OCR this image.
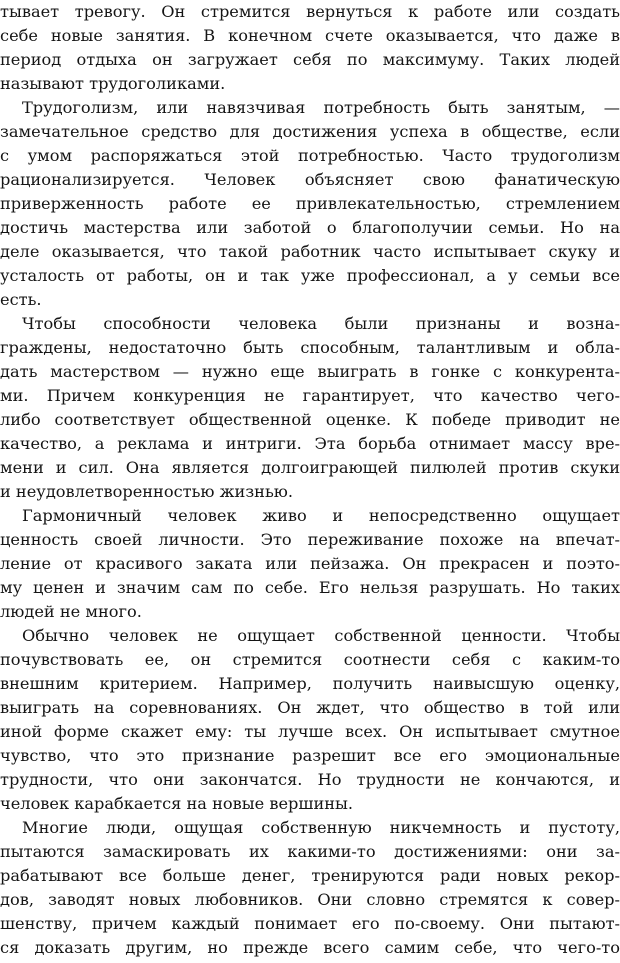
тывает тревогу. Он стремится вернуться к работе или создать
себе новые занятия. В конечном счете оказывается, что даже в
период отдыха он загружает себя по максимуму. Таких людей
называют трудоголиками.
Трудоголизм, или навязчивая потребность быть занятым, —
замечательное средство для достижения успеха в обществе, если
с умом распоряжаться этой потребностью. Часто трудоголизм
рационализируется. Человек объясняет свою фанатическую
приверженность работе ее привлекательностью, стремлением
достичь мастерства или заботой о благополучии семьи. Но на
деле оказывается, что такой работник часто испытывает скуку и
усталость от работы, он и так уже профессионал, а у семьи все
есть.
Чтобы способности человека были признаны и возна-
граждены, недостаточно быть способным, талантливым и обла-
дать мастерством — нужно еще выиграть в гонке с конкурента-
ми. Причем конкуренция не гарантирует, что качество чего-
либо соответствует общественной оценке. К победе приводит не
качество, а реклама и интриги. Эта борьба отнимает массу вре-
мени и сил. Она является долгоиграющей пилюлей против скуки
и неудовлетворенностью жизнью.
Гармоничный человек живо и непосредственно ощущает
ценность своей личности. Это переживание похоже на впечат-
ление от красивого заката или пейзажа. Он прекрасен и поэто-
му ценен и значим сам по себе. Его нельзя разрушать. Но таких
людей не много.
Обычно человек не ощущает собственной ценности. Чтобы
почувствовать ее, он стремится соотнести себя с каким-то
внешним критерием. Например, получить наивысшую оценку,
выиграть на соревнованиях. Он ждет, что общество в той или
иной форме скажет ему: ты лучше всех. Он испытывает смутное
чувство, что это признание разрешит все его эмоциональные
трудности, что они закончатся. Но трудности не кончаются, и
человек карабкается на новые вершины.
Многие люди, ощущая собственную никчемность и пустоту,
пытаются замаскировать их какими-то достижениями: они за-
рабатывают все больше денег, тренируются ради новых рекор-
дов, заводят новых любовников. Они словно стремятся к совер-
шенству, причем каждый понимает его по-своему. Они пытают-
ся доказать другим, но прежде всего самим себе, что чего-то
